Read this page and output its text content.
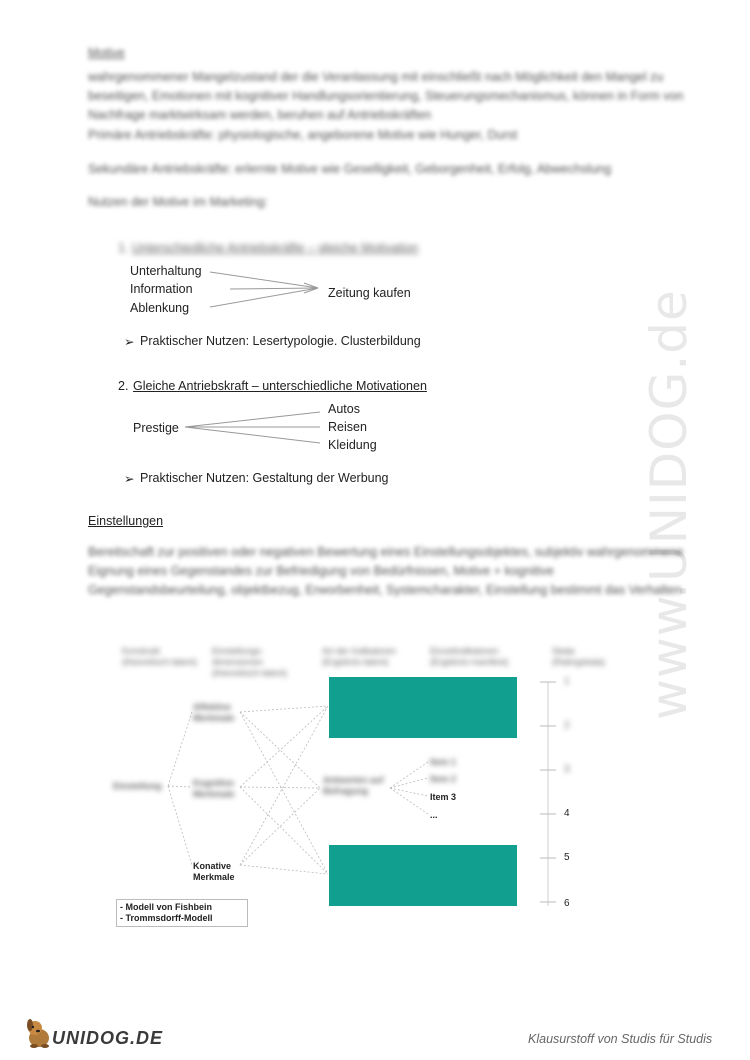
www.UNIDOG.de
Motive
wahrgenommener Mangelzustand der die Veranlassung mit einschließt nach Möglichkeit den Mangel zu beseitigen, Emotionen mit kognitiver Handlungsorientierung, Steuerungsmechanismus, können in Form von Nachfrage marktwirksam werden, beruhen auf Antriebskräften
Primäre Antriebskräfte: physiologische, angeborene Motive wie Hunger, Durst
Sekundäre Antriebskräfte: erlernte Motive wie Geselligkeit, Geborgenheit, Erfolg, Abwechslung
Nutzen der Motive im Marketing:
1. Unterschiedliche Antriebskräfte – gleiche Motivation
Unterhaltung
Information
Ablenkung
Zeitung kaufen
➢ Praktischer Nutzen: Lesertypologie. Clusterbildung
2. Gleiche Antriebskraft – unterschiedliche Motivationen
Prestige
Autos
Reisen
Kleidung
➢ Praktischer Nutzen: Gestaltung der Werbung
Einstellungen
Bereitschaft zur positiven oder negativen Bewertung eines Einstellungsobjektes, subjektiv wahrgenommene Eignung eines Gegenstandes zur Befriedigung von Bedürfnissen, Motive + kognitive Gegenstandsbeurteilung, objektbezug, Erworbenheit, Systemcharakter, Einstellung bestimmt das Verhalten
Konstrukt
(theoretisch-latent)
Einstellungs-
dimensionen (theoretisch-latent)
Art der Indikatoren
(Ergebnis-latent)
Einzelindikatoren
(Ergebnis-manifest)
Skala
(Ratingskala)
Einstellung
Affektive
Merkmale
Kognitive
Merkmale
Konative
Merkmale
Antworten auf
Befragung
Item 1
Item 2
Item 3
...
1
2
3
4
5
6
- Modell von Fishbein
- Trommsdorff-Modell
UNIDOG.DE	Klausurstoff von Studis für Studis
